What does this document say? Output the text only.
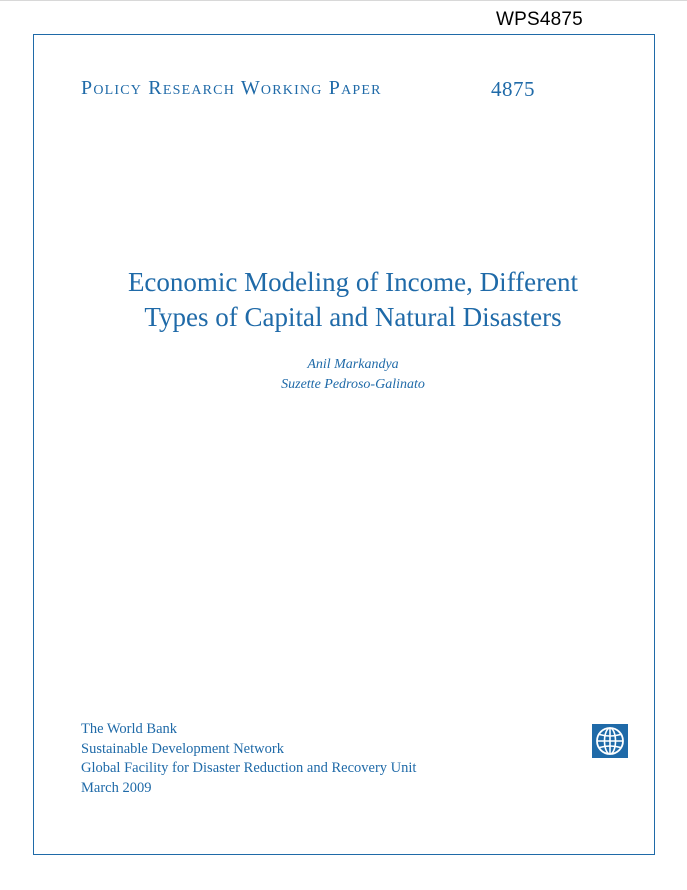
WPS4875
Policy Research Working Paper	4875
Economic Modeling of Income, Different
Types of Capital and Natural Disasters
Anil Markandya
Suzette Pedroso-Galinato
The World Bank
Sustainable Development Network
Global Facility for Disaster Reduction and Recovery Unit
March 2009
